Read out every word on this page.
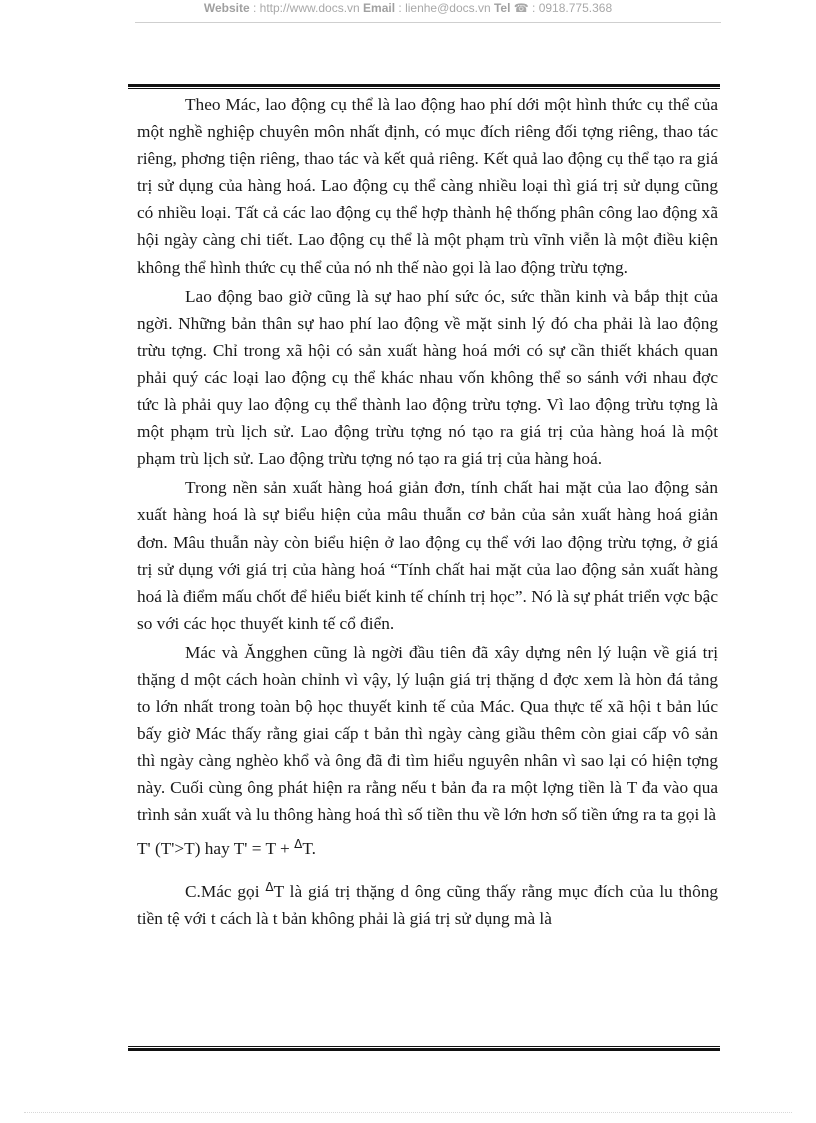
Website : http://www.docs.vn Email : lienhe@docs.vn Tel ☎ : 0918.775.368

Theo Mác, lao động cụ thể là lao động hao phí dới một hình thức cụ thể của một nghề nghiệp chuyên môn nhất định, có mục đích riêng đối tợng riêng, thao tác riêng, phơng tiện riêng, thao tác và kết quả riêng. Kết quả lao động cụ thể tạo ra giá trị sử dụng của hàng hoá. Lao động cụ thể càng nhiều loại thì giá trị sử dụng cũng có nhiều loại. Tất cả các lao động cụ thể hợp thành hệ thống phân công lao động xã hội ngày càng chi tiết. Lao động cụ thể là một phạm trù vĩnh viễn là một điều kiện không thể hình thức cụ thể của nó nh thế nào gọi là lao động trừu tợng.

Lao động bao giờ cũng là sự hao phí sức óc, sức thần kinh và bắp thịt của ngời. Những bản thân sự hao phí lao động về mặt sinh lý đó cha phải là lao động trừu tợng. Chỉ trong xã hội có sản xuất hàng hoá mới có sự cần thiết khách quan phải quý các loại lao động cụ thể khác nhau vốn không thể so sánh với nhau đợc tức là phải quy lao động cụ thể thành lao động trừu tợng. Vì lao động trừu tợng là một phạm trù lịch sử. Lao động trừu tợng nó tạo ra giá trị của hàng hoá là một phạm trù lịch sử. Lao động trừu tợng nó tạo ra giá trị của hàng hoá.

Trong nền sản xuất hàng hoá giản đơn, tính chất hai mặt của lao động sản xuất hàng hoá là sự biểu hiện của mâu thuẫn cơ bản của sản xuất hàng hoá giản đơn. Mâu thuẫn này còn biểu hiện ở lao động cụ thể với lao động trừu tợng, ở giá trị sử dụng với giá trị của hàng hoá “Tính chất hai mặt của lao động sản xuất hàng hoá là điểm mấu chốt để hiểu biết kinh tế chính trị học”. Nó là sự phát triển vợc bậc so với các học thuyết kinh tế cổ điển.

Mác và Ăngghen cũng là ngời đầu tiên đã xây dựng nên lý luận về giá trị thặng d một cách hoàn chỉnh vì vậy, lý luận giá trị thặng d đợc xem là hòn đá tảng to lớn nhất trong toàn bộ học thuyết kinh tế của Mác. Qua thực tế xã hội t bản lúc bấy giờ Mác thấy rằng giai cấp t bản thì ngày càng giầu thêm còn giai cấp vô sản thì ngày càng nghèo khổ và ông đã đi tìm hiểu nguyên nhân vì sao lại có hiện tợng này. Cuối cùng ông phát hiện ra rằng nếu t bản đa ra một lợng tiền là T đa vào qua trình sản xuất và lu thông hàng hoá thì số tiền thu về lớn hơn số tiền ứng ra ta gọi là

T' (T'>T) hay T' = T + $^\Delta$T.

C.Mác gọi $^\Delta$T là giá trị thặng d ông cũng thấy rằng mục đích của lu thông tiền tệ với t cách là t bản không phải là giá trị sử dụng mà là
